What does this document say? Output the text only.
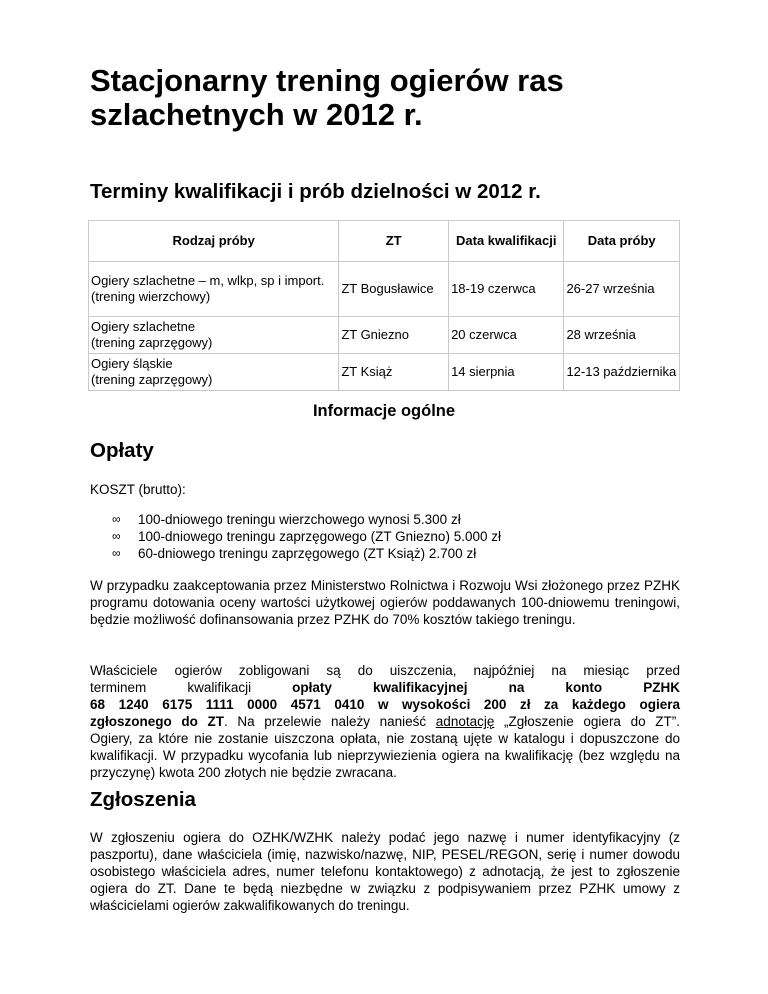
Stacjonarny trening ogierów ras szlachetnych w 2012 r.
Terminy kwalifikacji i prób dzielności w 2012 r.
Rodzaj próby	ZT	Data kwalifikacji	Data próby
Ogiery szlachetne – m, wlkp, sp i import.
(trening wierzchowy)	ZT Bogusławice	18-19 czerwca	26-27 września
Ogiery szlachetne
(trening zaprzęgowy)	ZT Gniezno	20 czerwca	28 września
Ogiery śląskie
(trening zaprzęgowy)	ZT Książ	14 sierpnia	12-13 października
Informacje ogólne
Opłaty

KOSZT (brutto):

∞ 100-dniowego treningu wierzchowego wynosi 5.300 zł
∞ 100-dniowego treningu zaprzęgowego (ZT Gniezno) 5.000 zł
∞ 60-dniowego treningu zaprzęgowego (ZT Książ) 2.700 zł

W przypadku zaakceptowania przez Ministerstwo Rolnictwa i Rozwoju Wsi złożonego przez PZHK programu dotowania oceny wartości użytkowej ogierów poddawanych 100-dniowemu treningowi, będzie możliwość dofinansowania przez PZHK do 70% kosztów takiego treningu.

Właściciele ogierów zobligowani są do uiszczenia, najpóźniej na miesiąc przed
terminem kwalifikacji	opłaty kwalifikacyjnej na konto PZHK
68 1240 6175 1111 0000 4571 0410 w wysokości 200 zł za każdego ogiera
zgłoszonego do ZT. Na przelewie należy nanieść adnotację „Zgłoszenie ogiera do ZT”.
Ogiery, za które nie zostanie uiszczona opłata, nie zostaną ujęte w katalogu i dopuszczone do kwalifikacji. W przypadku wycofania lub nieprzywiezienia ogiera na kwalifikację (bez względu na przyczynę) kwota 200 złotych nie będzie zwracana.
Zgłoszenia

W zgłoszeniu ogiera do OZHK/WZHK należy podać jego nazwę i numer identyfikacyjny (z paszportu), dane właściciela (imię, nazwisko/nazwę, NIP, PESEL/REGON, serię i numer dowodu osobistego właściciela adres, numer telefonu kontaktowego) z adnotacją, że jest to zgłoszenie ogiera do ZT. Dane te będą niezbędne w związku z podpisywaniem przez PZHK umowy z właścicielami ogierów zakwalifikowanych do treningu.
